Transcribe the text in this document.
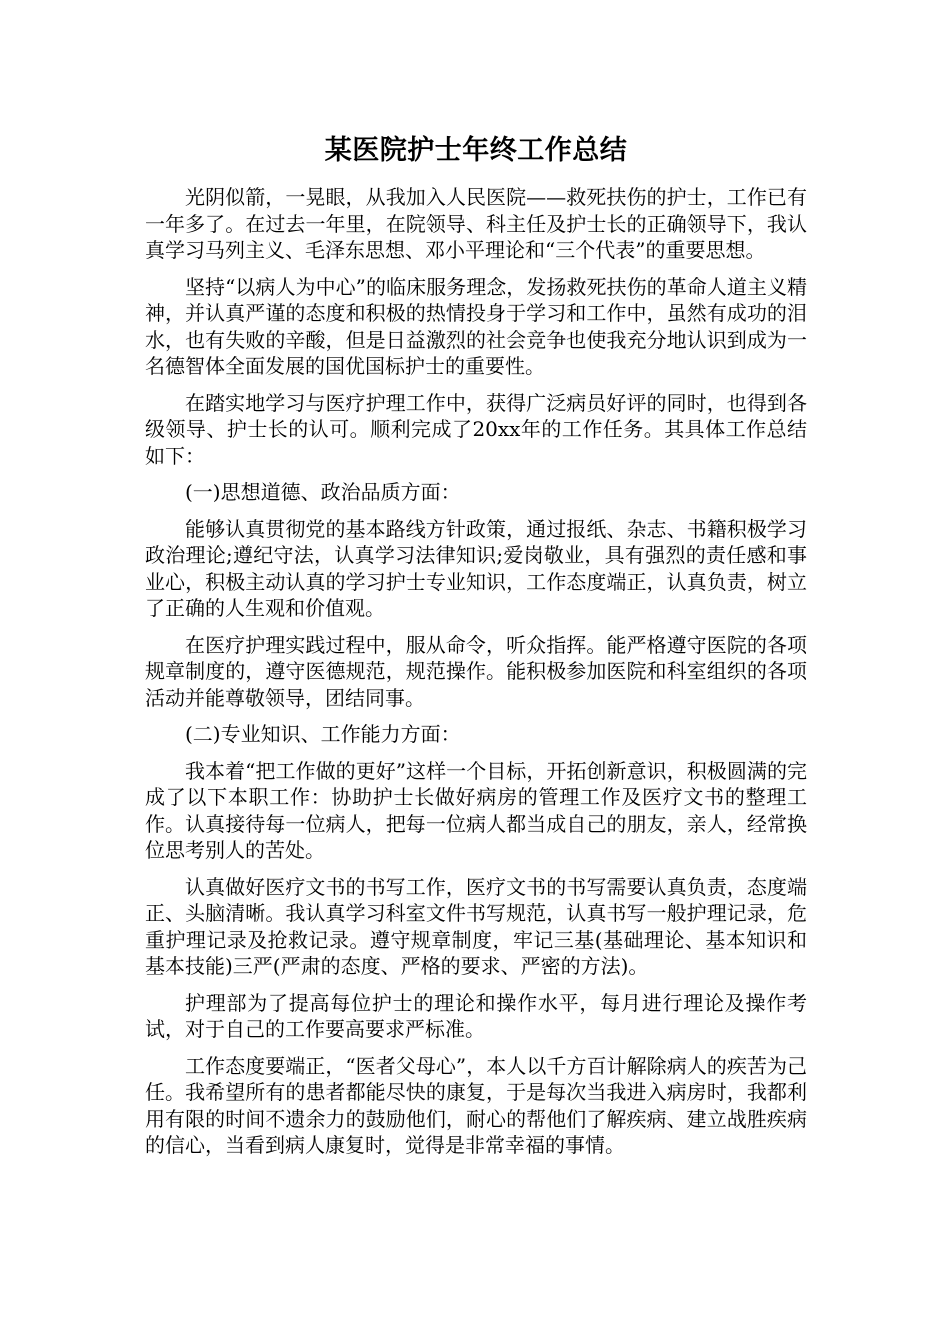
某医院护士年终工作总结

光阴似箭，一晃眼，从我加入人民医院——救死扶伤的护士，工作已有一年多了。在过去一年里，在院领导、科主任及护士长的正确领导下，我认真学习马列主义、毛泽东思想、邓小平理论和“三个代表”的重要思想。

坚持“以病人为中心”的临床服务理念，发扬救死扶伤的革命人道主义精神，并认真严谨的态度和积极的热情投身于学习和工作中，虽然有成功的泪水，也有失败的辛酸，但是日益激烈的社会竞争也使我充分地认识到成为一名德智体全面发展的国优国标护士的重要性。

在踏实地学习与医疗护理工作中，获得广泛病员好评的同时，也得到各级领导、护士长的认可。顺利完成了20xx年的工作任务。其具体工作总结如下：

(一)思想道德、政治品质方面：

能够认真贯彻党的基本路线方针政策，通过报纸、杂志、书籍积极学习政治理论;遵纪守法，认真学习法律知识;爱岗敬业，具有强烈的责任感和事业心，积极主动认真的学习护士专业知识，工作态度端正，认真负责，树立了正确的人生观和价值观。

在医疗护理实践过程中，服从命令，听众指挥。能严格遵守医院的各项规章制度的，遵守医德规范，规范操作。能积极参加医院和科室组织的各项活动并能尊敬领导，团结同事。

(二)专业知识、工作能力方面：

我本着“把工作做的更好”这样一个目标，开拓创新意识，积极圆满的完成了以下本职工作：协助护士长做好病房的管理工作及医疗文书的整理工作。认真接待每一位病人，把每一位病人都当成自己的朋友，亲人，经常换位思考别人的苦处。

认真做好医疗文书的书写工作，医疗文书的书写需要认真负责，态度端正、头脑清晰。我认真学习科室文件书写规范，认真书写一般护理记录，危重护理记录及抢救记录。遵守规章制度，牢记三基(基础理论、基本知识和基本技能)三严(严肃的态度、严格的要求、严密的方法)。

护理部为了提高每位护士的理论和操作水平，每月进行理论及操作考试，对于自己的工作要高要求严标准。

工作态度要端正，“医者父母心”，本人以千方百计解除病人的疾苦为己任。我希望所有的患者都能尽快的康复，于是每次当我进入病房时，我都利用有限的时间不遗余力的鼓励他们，耐心的帮他们了解疾病、建立战胜疾病的信心，当看到病人康复时，觉得是非常幸福的事情。
